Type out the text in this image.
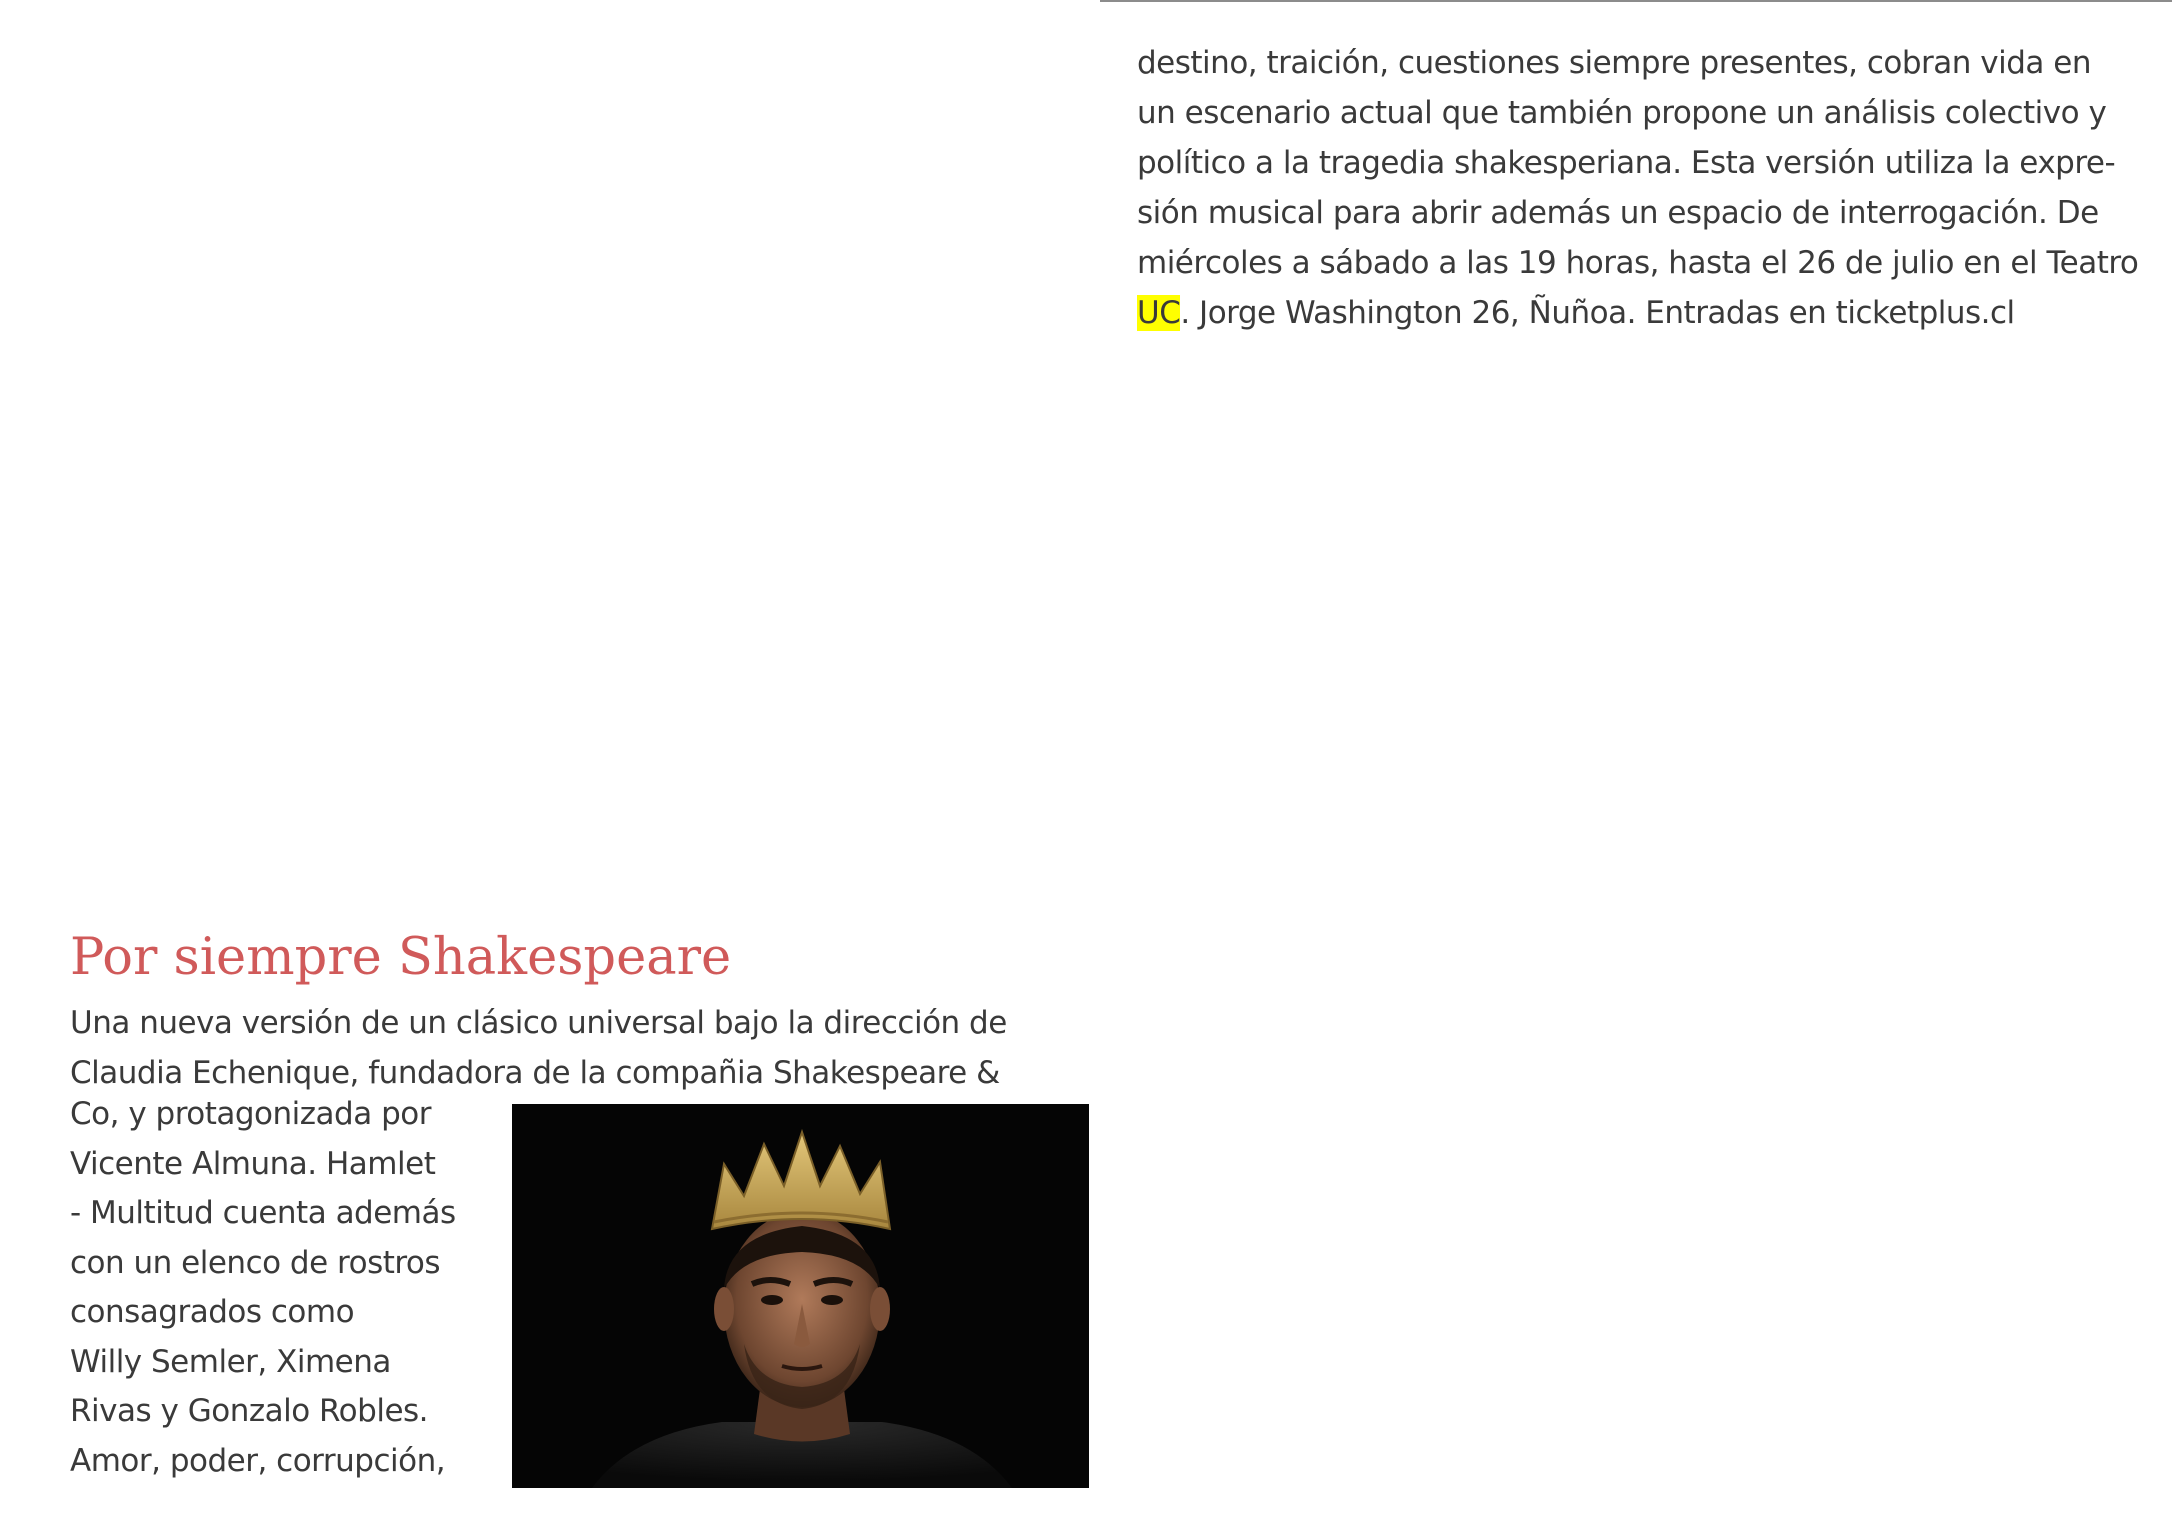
destino, traición, cuestiones siempre presentes, cobran vida en
un escenario actual que también propone un análisis colectivo y
político a la tragedia shakesperiana. Esta versión utiliza la expre-
sión musical para abrir además un espacio de interrogación. De
miércoles a sábado a las 19 horas, hasta el 26 de julio en el Teatro
UC. Jorge Washington 26, Ñuñoa. Entradas en ticketplus.cl
Por siempre Shakespeare
Una nueva versión de un clásico universal bajo la dirección de
Claudia Echenique, fundadora de la compañia Shakespeare &
Co, y protagonizada por
Vicente Almuna. Hamlet
- Multitud cuenta además
con un elenco de rostros
consagrados como
Willy Semler, Ximena
Rivas y Gonzalo Robles.
Amor, poder, corrupción,
